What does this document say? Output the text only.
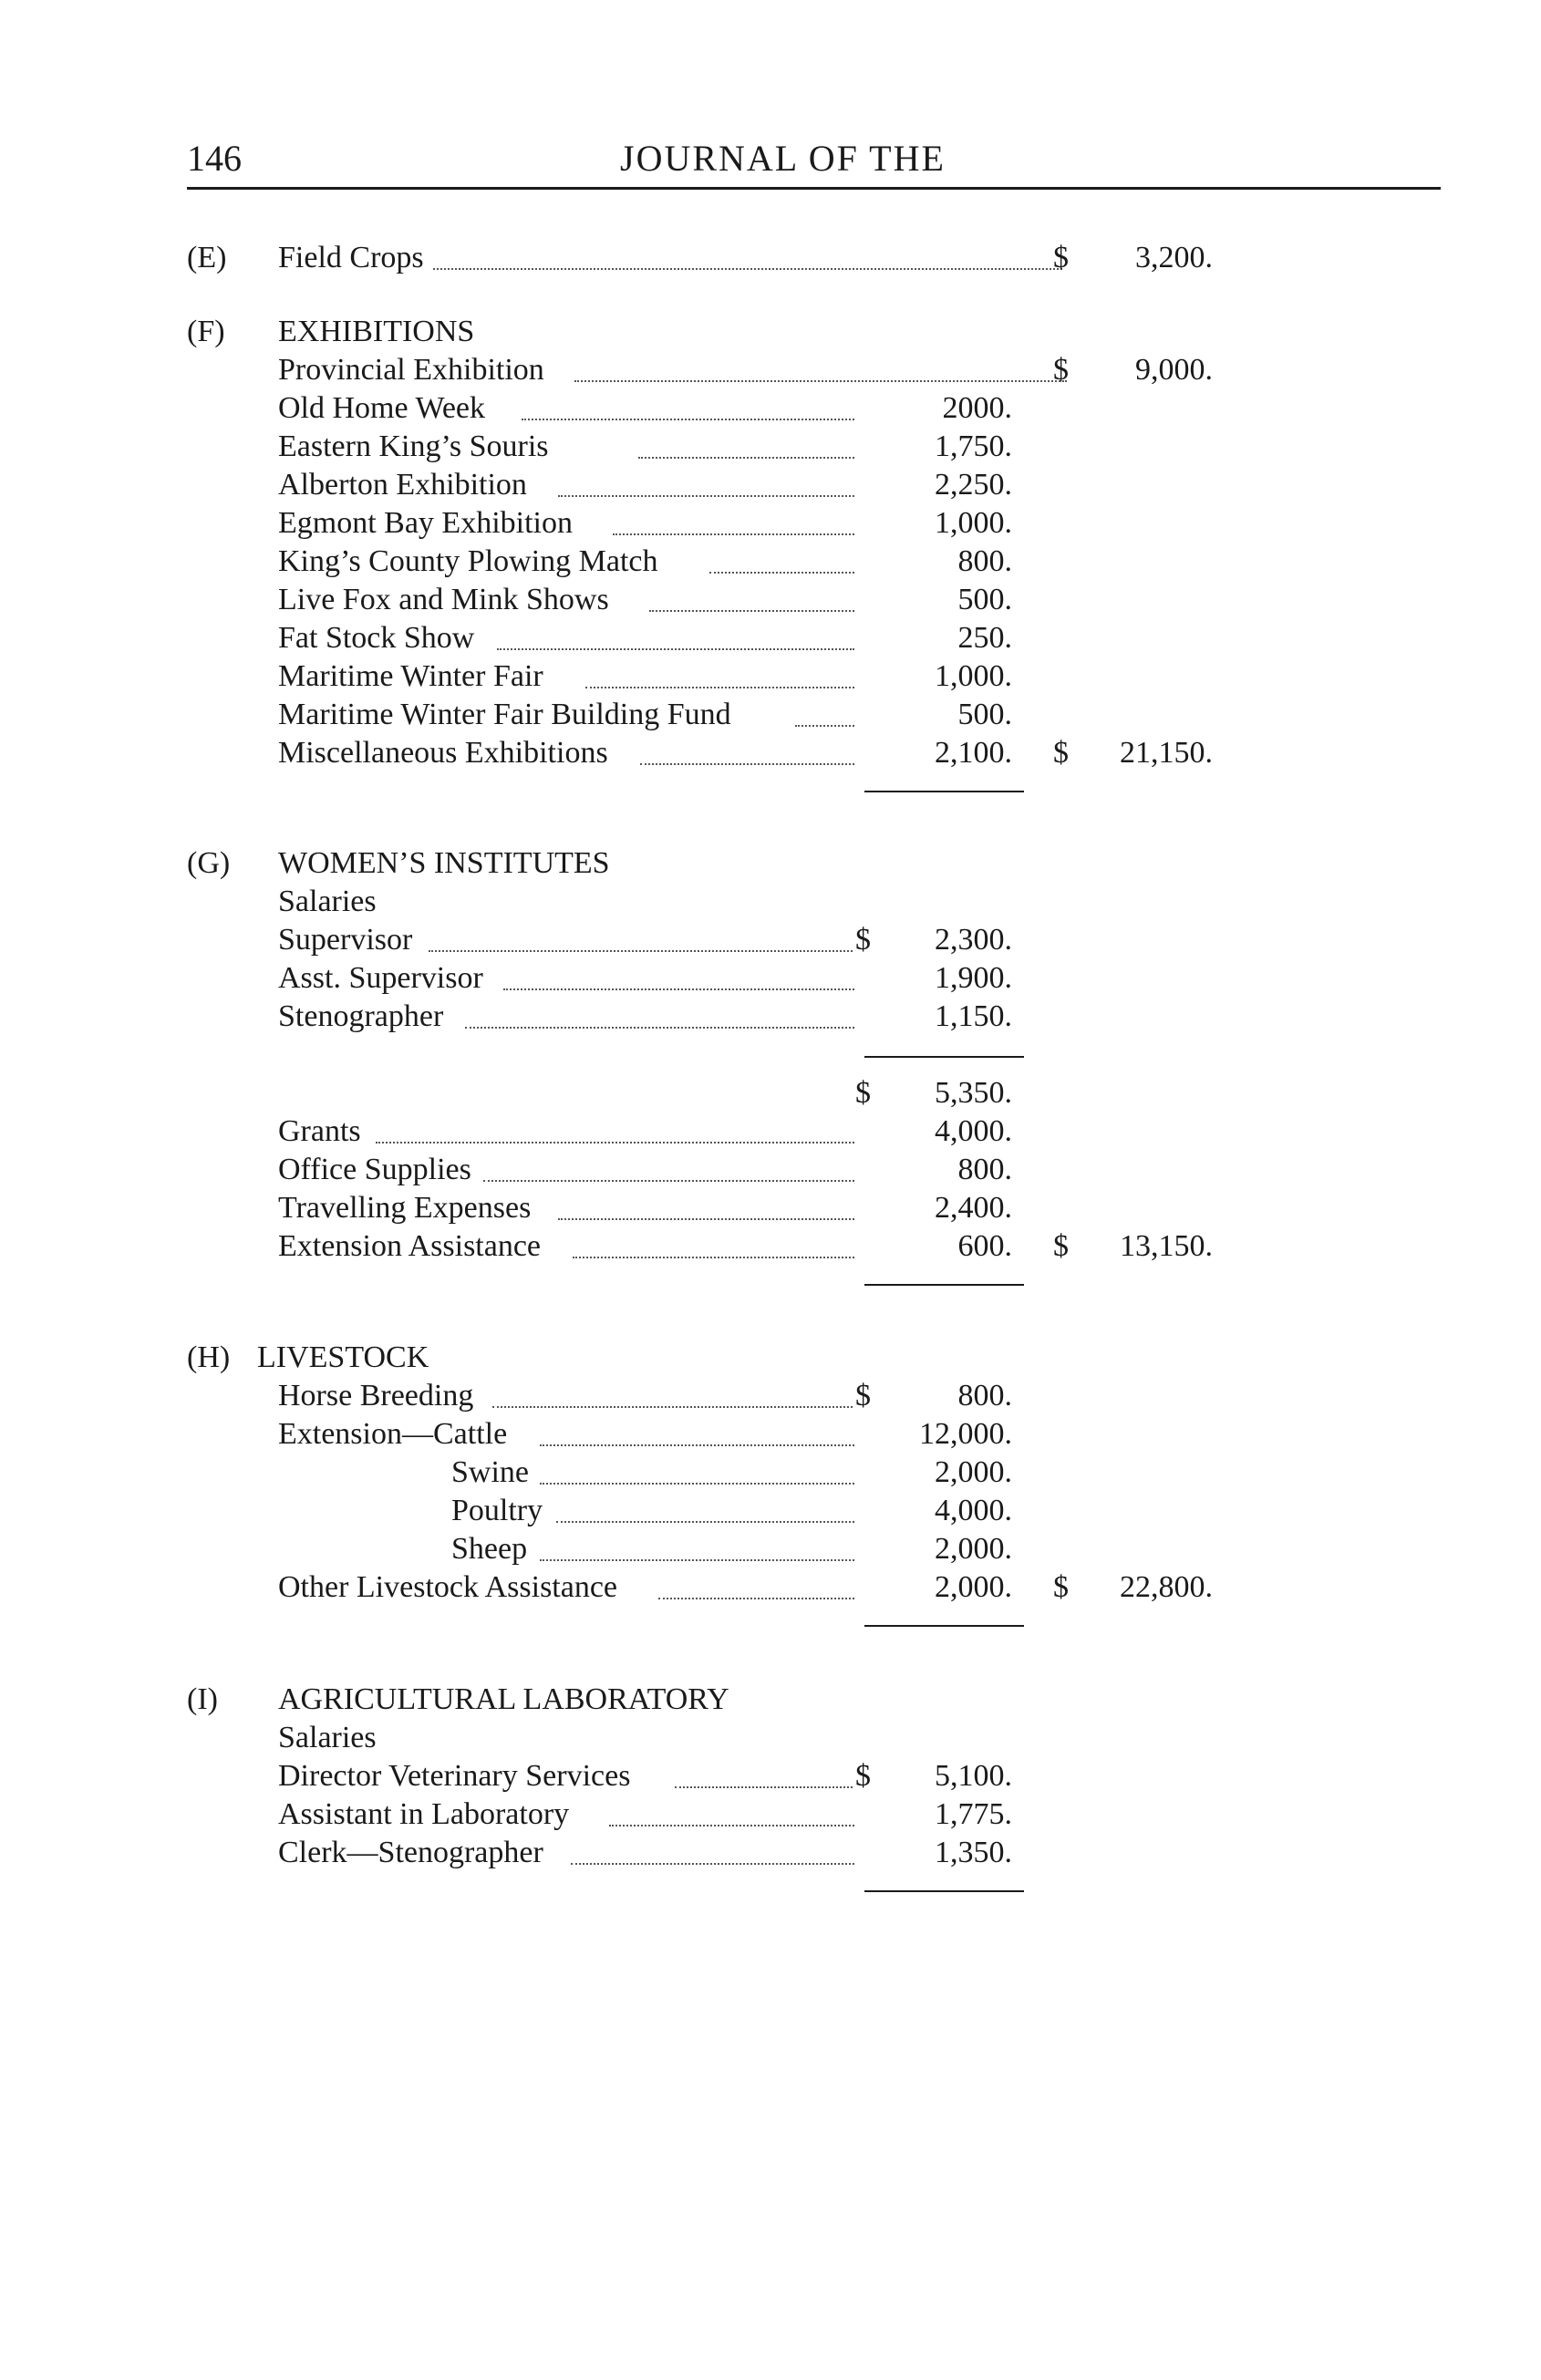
146	JOURNAL OF THE
(E) Field Crops	$ 3,200.
(F) EXHIBITIONS
Provincial Exhibition	$ 9,000.
Old Home Week	2000.
Eastern King’s Souris	1,750.
Alberton Exhibition	2,250.
Egmont Bay Exhibition	1,000.
King’s County Plowing Match	800.
Live Fox and Mink Shows	500.
Fat Stock Show	250.
Maritime Winter Fair	1,000.
Maritime Winter Fair Building Fund	500.
Miscellaneous Exhibitions	2,100. $ 21,150.
(G) WOMEN’S INSTITUTES
Salaries
Supervisor	$ 2,300.
Asst. Supervisor	1,900.
Stenographer	1,150.
$ 5,350.
Grants	4,000.
Office Supplies	800.
Travelling Expenses	2,400.
Extension Assistance	600. $ 13,150.
(H) LIVESTOCK
Horse Breeding	$	800.
Extension—Cattle	12,000.
Swine	2,000.
Poultry	4,000.
Sheep	2,000.
Other Livestock Assistance	2,000. $ 22,800.
(I) AGRICULTURAL LABORATORY
Salaries
Director Veterinary Services	$ 5,100.
Assistant in Laboratory	1,775.
Clerk—Stenographer	1,350.
